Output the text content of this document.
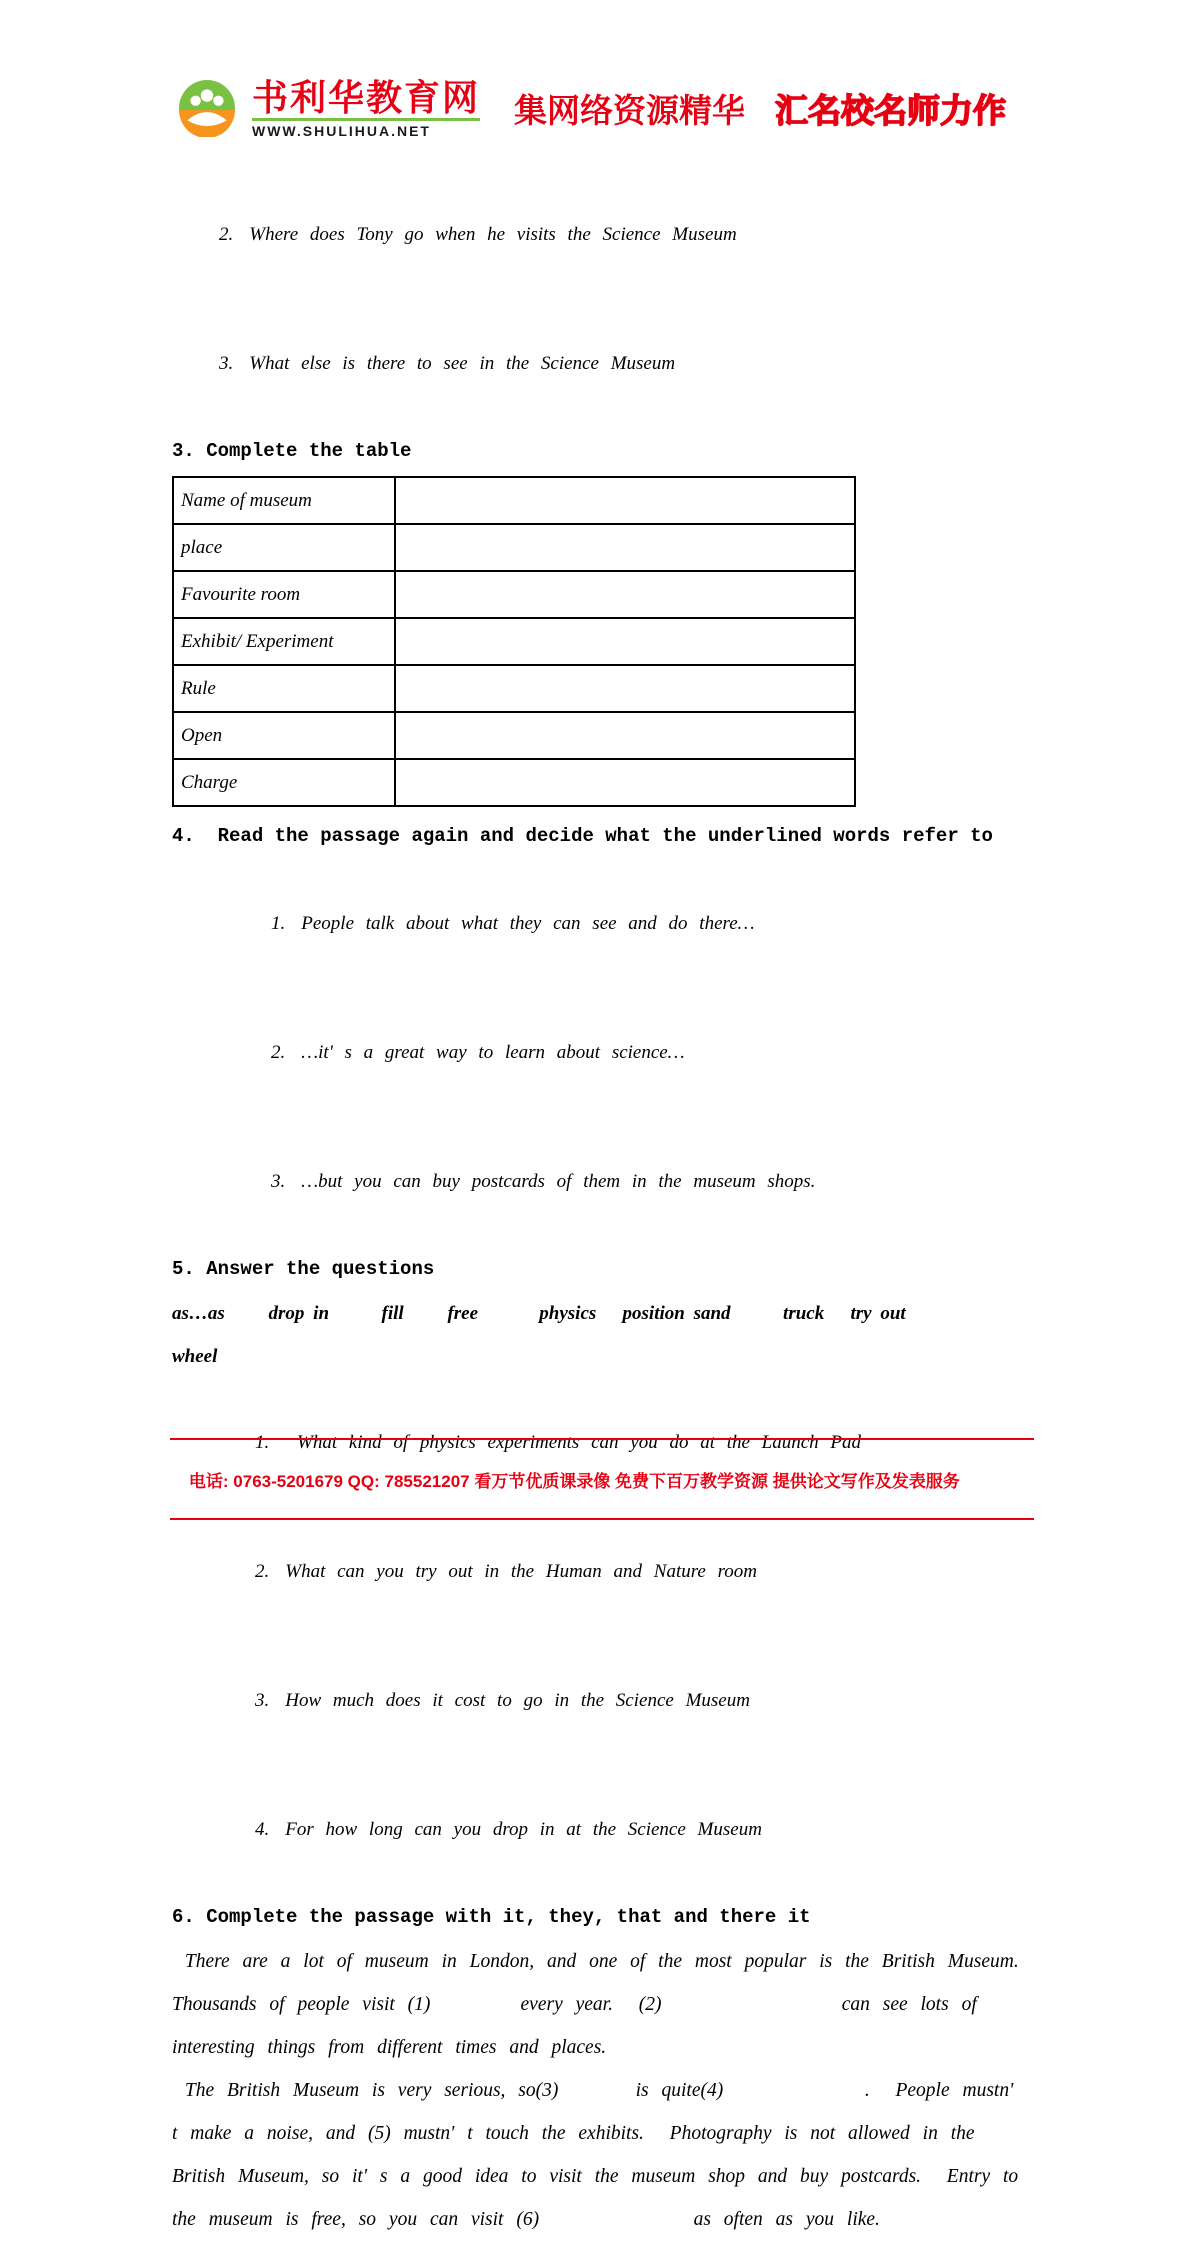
书利华教育网
WWW.SHULIHUA.NET
集网络资源精华 汇名校名师力作

2. Where does Tony go when he visits the Science Museum

3. What else is there to see in the Science Museum

3. Complete the table
Name of museum	
place	
Favourite room	
Exhibit/ Experiment	
Rule	
Open	
Charge	
4.  Read the passage again and decide what the underlined words refer to

1. People talk about what they can see and do there…

2. …it' s a great way to learn about science…

3. …but you can buy postcards of them in the museum shops.

5. Answer the questions
as…as     drop in      fill     free       physics   position sand      truck   try out
wheel

1. What kind of physics experiments can you do at the Launch Pad

2. What can you try out in the Human and Nature room

3. How much does it cost to go in the Science Museum

4. For how long can you drop in at the Science Museum

6. Complete the passage with it, they, that and there it

There are a lot of museum in London, and one of the most popular is the British Museum.  Thousands of people visit (1)       every year.  (2)              can see lots of interesting things from different times and places.

The British Museum is very serious, so(3)      is quite(4)           .  People mustn' t make a noise, and (5) mustn' t touch the exhibits.  Photography is not allowed in the British Museum, so it' s a good idea to visit the museum shop and buy postcards.  Entry to the museum is free, so you can visit (6)            as often as you like.

电话: 0763-5201679 QQ: 785521207 看万节优质课录像 免费下百万教学资源 提供论文写作及发表服务
